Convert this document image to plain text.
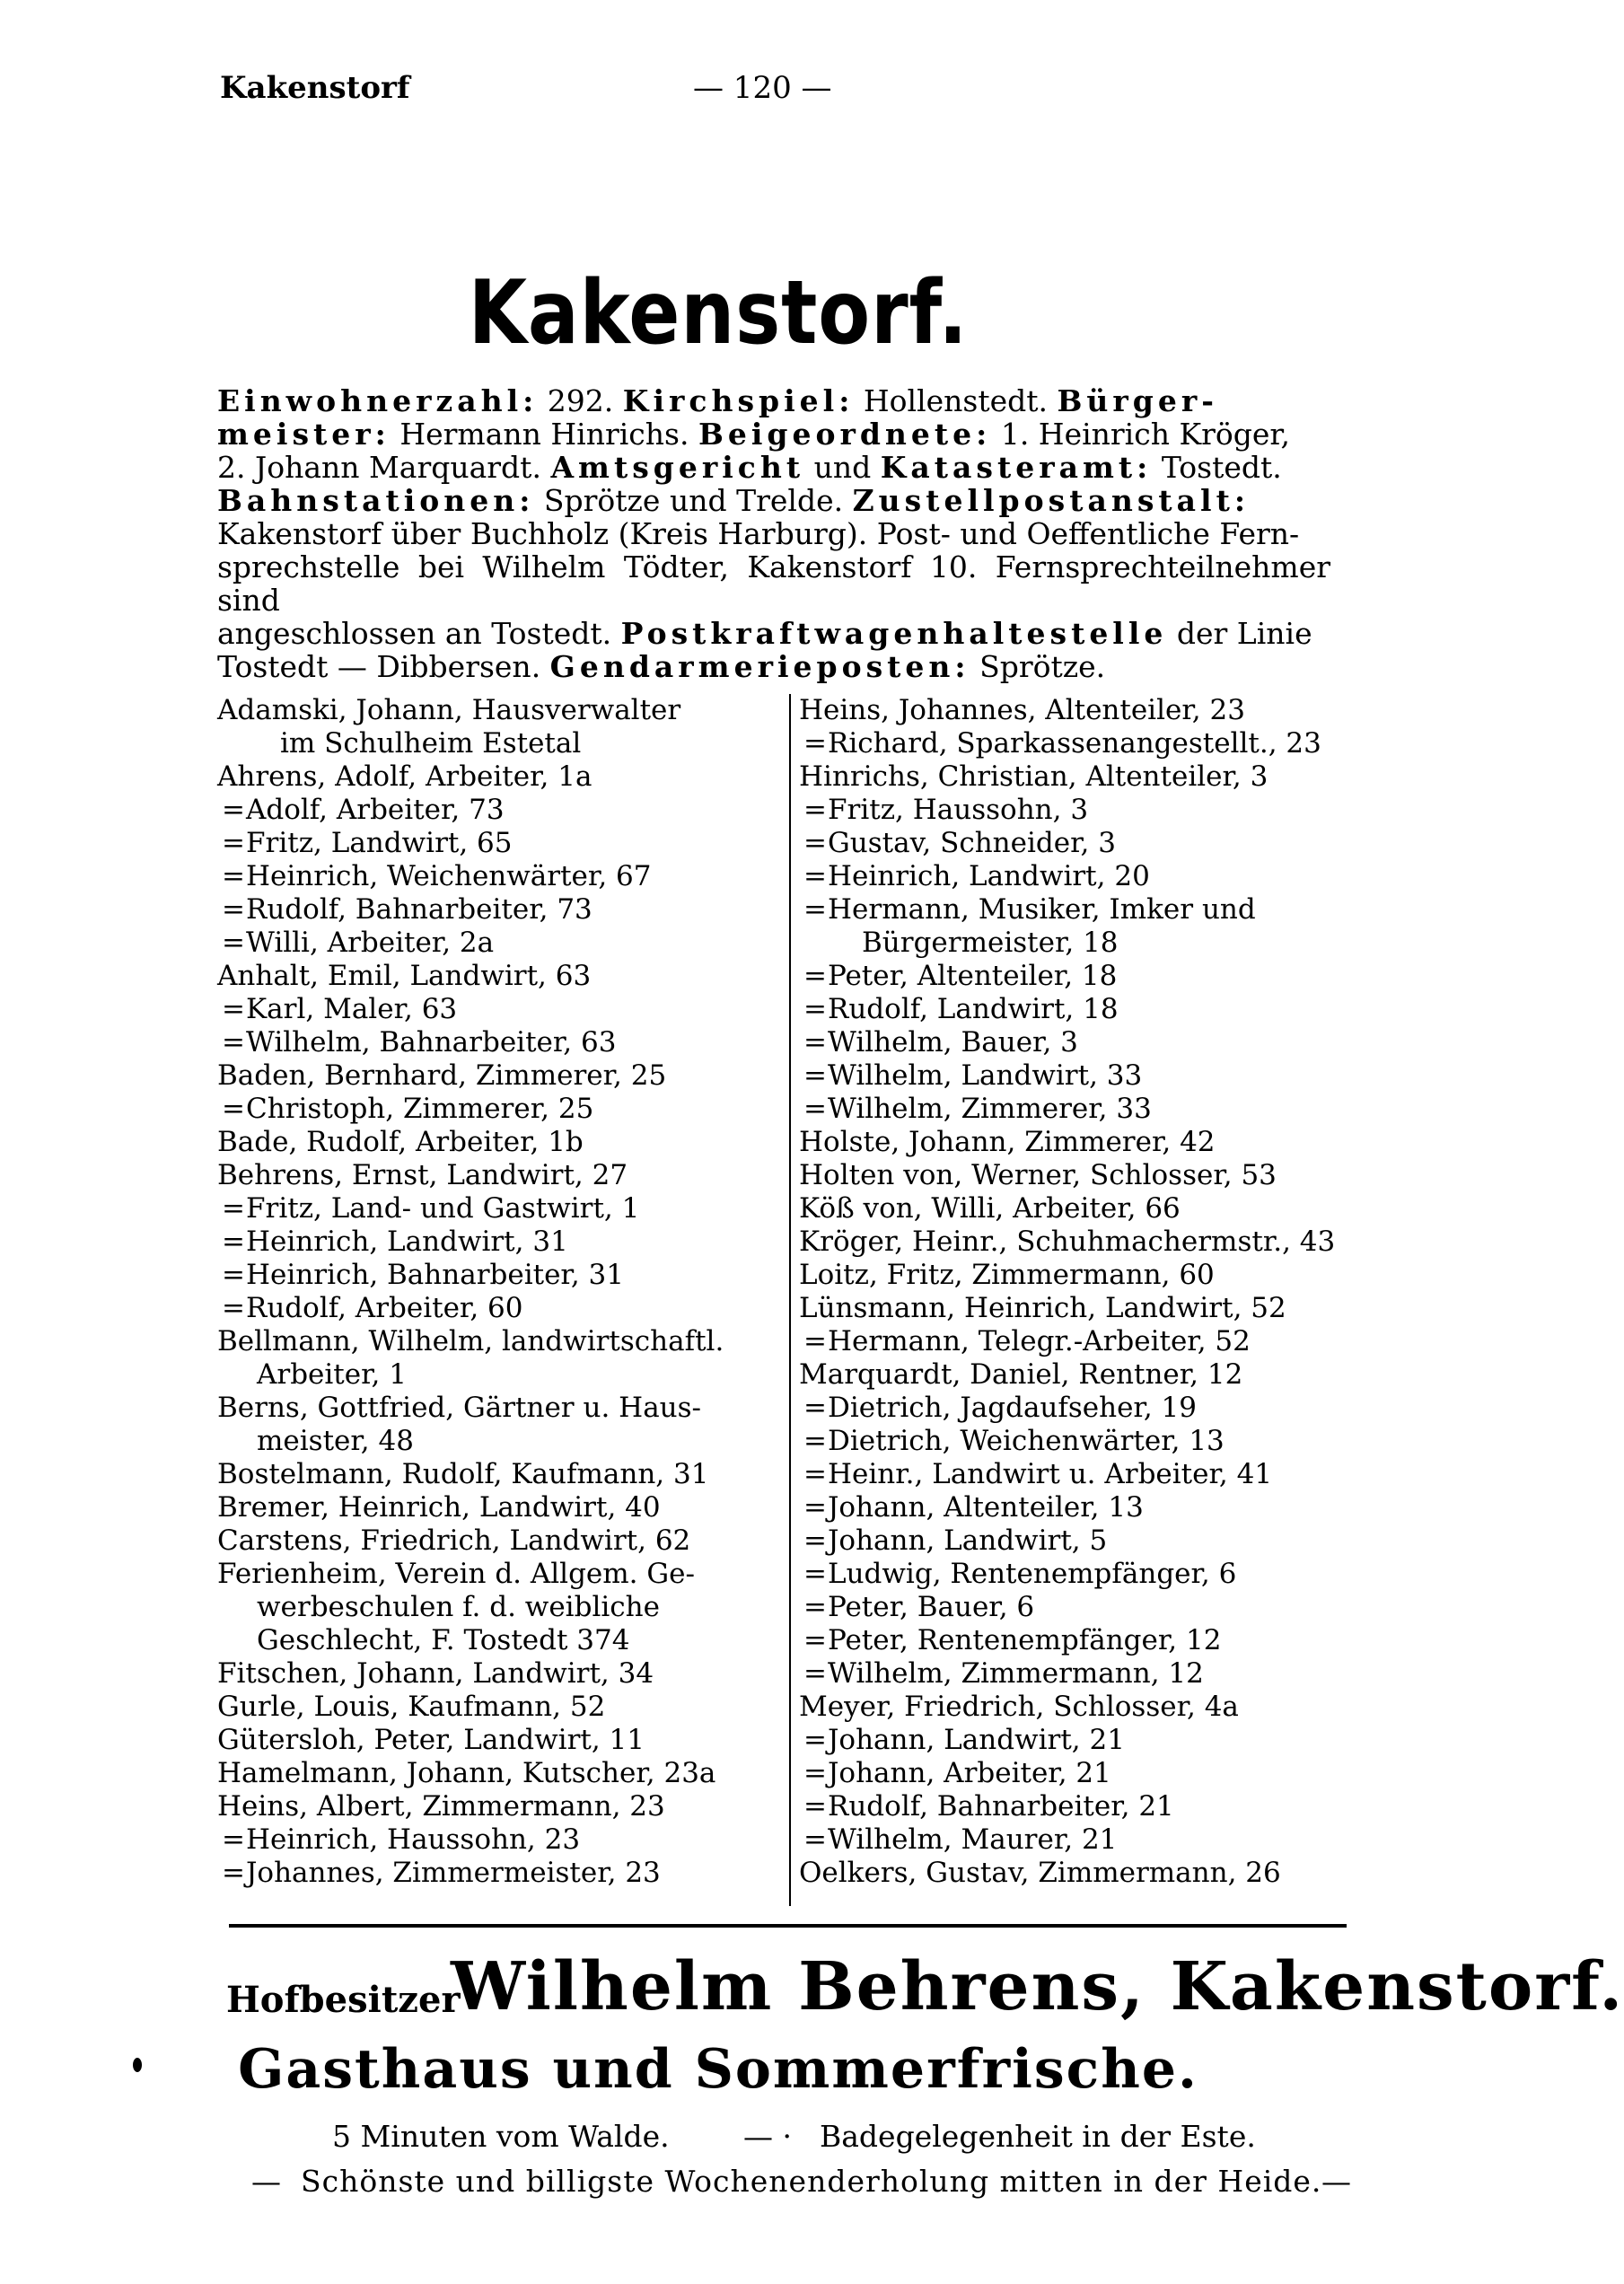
Kakenstorf	— 120 —
Kakenstorf.
Einwohnerzahl: 292. Kirchspiel: Hollenstedt. Bürger-
meister: Hermann Hinrichs. Beigeordnete: 1. Heinrich Kröger,
2. Johann Marquardt. Amtsgericht und Katasteramt: Tostedt.
Bahnstationen: Sprötze und Trelde. Zustellpostanstalt:
Kakenstorf über Buchholz (Kreis Harburg). Post- und Oeffentliche Fern-
sprechstelle bei Wilhelm Tödter, Kakenstorf 10. Fernsprechteilnehmer sind
angeschlossen an Tostedt. Postkraftwagenhaltestelle der Linie
Tostedt — Dibbersen. Gendarmerieposten: Sprötze.
Adamski, Johann, Hausverwalter
im Schulheim Estetal
Ahrens, Adolf, Arbeiter, 1a
=Adolf, Arbeiter, 73
=Fritz, Landwirt, 65
=Heinrich, Weichenwärter, 67
=Rudolf, Bahnarbeiter, 73
=Willi, Arbeiter, 2a
Anhalt, Emil, Landwirt, 63
=Karl, Maler, 63
=Wilhelm, Bahnarbeiter, 63
Baden, Bernhard, Zimmerer, 25
=Christoph, Zimmerer, 25
Bade, Rudolf, Arbeiter, 1b
Behrens, Ernst, Landwirt, 27
=Fritz, Land- und Gastwirt, 1
=Heinrich, Landwirt, 31
=Heinrich, Bahnarbeiter, 31
=Rudolf, Arbeiter, 60
Bellmann, Wilhelm, landwirtschaftl.
Arbeiter, 1
Berns, Gottfried, Gärtner u. Haus-
meister, 48
Bostelmann, Rudolf, Kaufmann, 31
Bremer, Heinrich, Landwirt, 40
Carstens, Friedrich, Landwirt, 62
Ferienheim, Verein d. Allgem. Ge-
werbeschulen f. d. weibliche
Geschlecht, F. Tostedt 374
Fitschen, Johann, Landwirt, 34
Gurle, Louis, Kaufmann, 52
Gütersloh, Peter, Landwirt, 11
Hamelmann, Johann, Kutscher, 23a
Heins, Albert, Zimmermann, 23
=Heinrich, Haussohn, 23
=Johannes, Zimmermeister, 23
Heins, Johannes, Altenteiler, 23
=Richard, Sparkassenangestellt., 23
Hinrichs, Christian, Altenteiler, 3
=Fritz, Haussohn, 3
=Gustav, Schneider, 3
=Heinrich, Landwirt, 20
=Hermann, Musiker, Imker und
Bürgermeister, 18
=Peter, Altenteiler, 18
=Rudolf, Landwirt, 18
=Wilhelm, Bauer, 3
=Wilhelm, Landwirt, 33
=Wilhelm, Zimmerer, 33
Holste, Johann, Zimmerer, 42
Holten von, Werner, Schlosser, 53
Köß von, Willi, Arbeiter, 66
Kröger, Heinr., Schuhmachermstr., 43
Loitz, Fritz, Zimmermann, 60
Lünsmann, Heinrich, Landwirt, 52
=Hermann, Telegr.-Arbeiter, 52
Marquardt, Daniel, Rentner, 12
=Dietrich, Jagdaufseher, 19
=Dietrich, Weichenwärter, 13
=Heinr., Landwirt u. Arbeiter, 41
=Johann, Altenteiler, 13
=Johann, Landwirt, 5
=Ludwig, Rentenempfänger, 6
=Peter, Bauer, 6
=Peter, Rentenempfänger, 12
=Wilhelm, Zimmermann, 12
Meyer, Friedrich, Schlosser, 4a
=Johann, Landwirt, 21
=Johann, Arbeiter, 21
=Rudolf, Bahnarbeiter, 21
=Wilhelm, Maurer, 21
Oelkers, Gustav, Zimmermann, 26
Hofbesitzer
Wilhelm Behrens, Kakenstorf.
Gasthaus und Sommerfrische.
5 Minuten vom Walde. — · Badegelegenheit in der Este.
— Schönste und billigste Wochenenderholung mitten in der Heide. —
